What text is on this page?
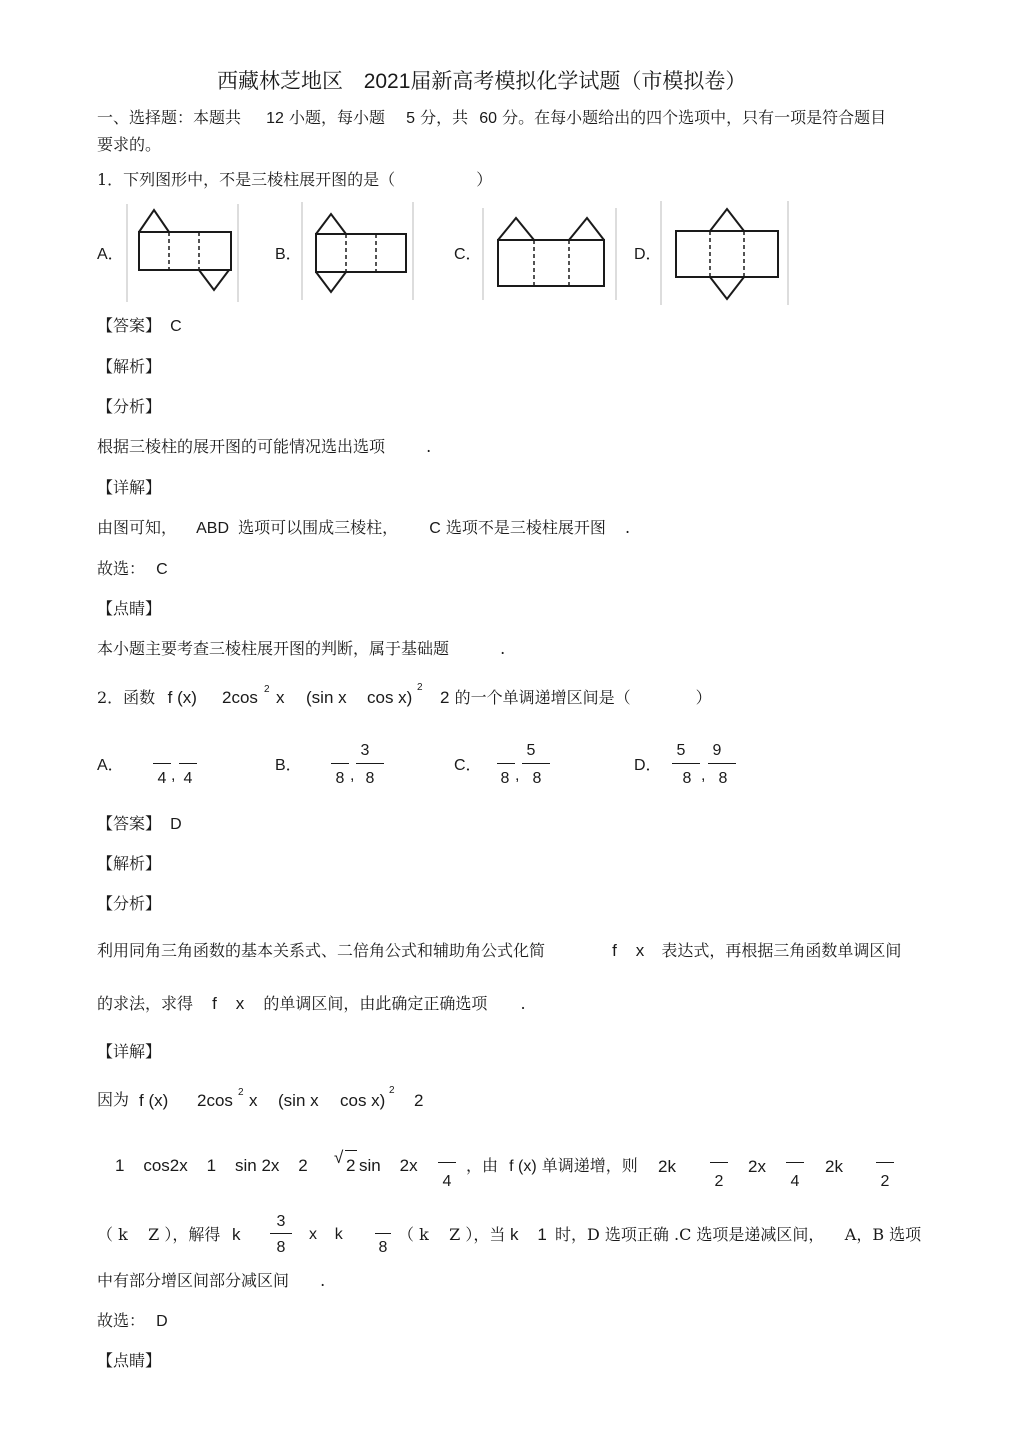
西藏林芝地区 2021届新高考模拟化学试题（市模拟卷）
一、选择题：本题共 12 小题，每小题 5 分，共 60 分。在每小题给出的四个选项中，只有一项是符合题目
要求的。
1．下列图形中，不是三棱柱展开图的是（	）
A．	B．	C．	D．
【答案】 C
【解析】
【分析】
根据三棱柱的展开图的可能情况选出选项	.
【详解】
由图可知， ABD 选项可以围成三棱柱， C 选项不是三棱柱展开图 .
故选： C
【点睛】
本小题主要考查三棱柱展开图的判断，属于基础题	.
2．函数 f (x) 2cos 2 x (sin x cos x)
2
2 的一个单调递增区间是（	）
A．
4 , 4
B．
8 ,
3
8
C．
8 ,
5
8
D．
5
8 ,
9
8
【答案】 D
【解析】
【分析】
利用同角三角函数的基本关系式、二倍角公式和辅助角公式化简	f    x 表达式，再根据三角函数单调区间
的求法，求得 f    x 的单调区间，由此确定正确选项 .
【详解】
因为 f (x) 2cos 2 x (sin x cos x)
2
2
1    cos2x    1    sin 2x    2 √ 2 sin    2x
4
，由 f (x) 单调递增，则 2k
2
2x
4
2k
2
（ k    Z ），解得 k
3
8
x    k
8
（ k    Z ），当 k    1 时，D 选项正确 .C 选项是递减区间，    A，B 选项
中有部分增区间部分减区间 .
故选： D
【点睛】
